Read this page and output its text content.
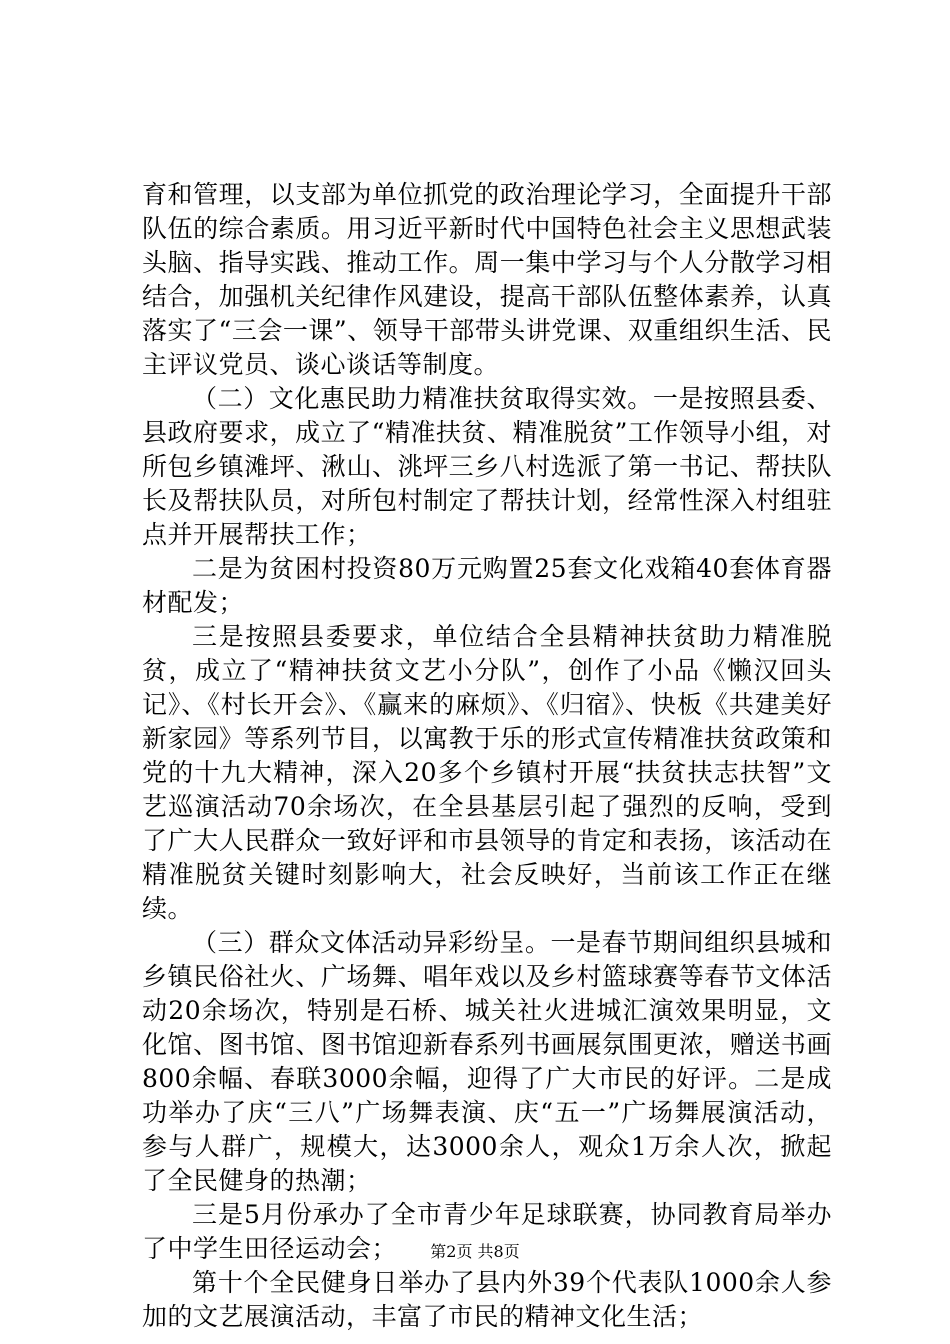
育和管理，以支部为单位抓党的政治理论学习，全面提升干部队伍的综合素质。用习近平新时代中国特色社会主义思想武装头脑、指导实践、推动工作。周一集中学习与个人分散学习相结合，加强机关纪律作风建设，提高干部队伍整体素养，认真落实了“三会一课”、领导干部带头讲党课、双重组织生活、民主评议党员、谈心谈话等制度。

（二）文化惠民助力精准扶贫取得实效。一是按照县委、县政府要求，成立了“精准扶贫、精准脱贫”工作领导小组，对所包乡镇滩坪、湫山、洮坪三乡八村选派了第一书记、帮扶队长及帮扶队员，对所包村制定了帮扶计划，经常性深入村组驻点并开展帮扶工作；

二是为贫困村投资80万元购置25套文化戏箱40套体育器材配发；

三是按照县委要求，单位结合全县精神扶贫助力精准脱贫，成立了“精神扶贫文艺小分队”，创作了小品《懒汉回头记》、《村长开会》、《赢来的麻烦》、《归宿》、快板《共建美好新家园》等系列节目，以寓教于乐的形式宣传精准扶贫政策和党的十九大精神，深入20多个乡镇村开展“扶贫扶志扶智”文艺巡演活动70余场次，在全县基层引起了强烈的反响，受到了广大人民群众一致好评和市县领导的肯定和表扬，该活动在精准脱贫关键时刻影响大，社会反映好，当前该工作正在继续。

（三）群众文体活动异彩纷呈。一是春节期间组织县城和乡镇民俗社火、广场舞、唱年戏以及乡村篮球赛等春节文体活动20余场次，特别是石桥、城关社火进城汇演效果明显，文化馆、图书馆、图书馆迎新春系列书画展氛围更浓，赠送书画800余幅、春联3000余幅，迎得了广大市民的好评。二是成功举办了庆“三八”广场舞表演、庆“五一”广场舞展演活动，参与人群广，规模大，达3000余人，观众1万余人次，掀起了全民健身的热潮；

三是5月份承办了全市青少年足球联赛，协同教育局举办了中学生田径运动会；

第十个全民健身日举办了县内外39个代表队1000余人参加的文艺展演活动，丰富了市民的精神文化生活；

第2页 共8页
